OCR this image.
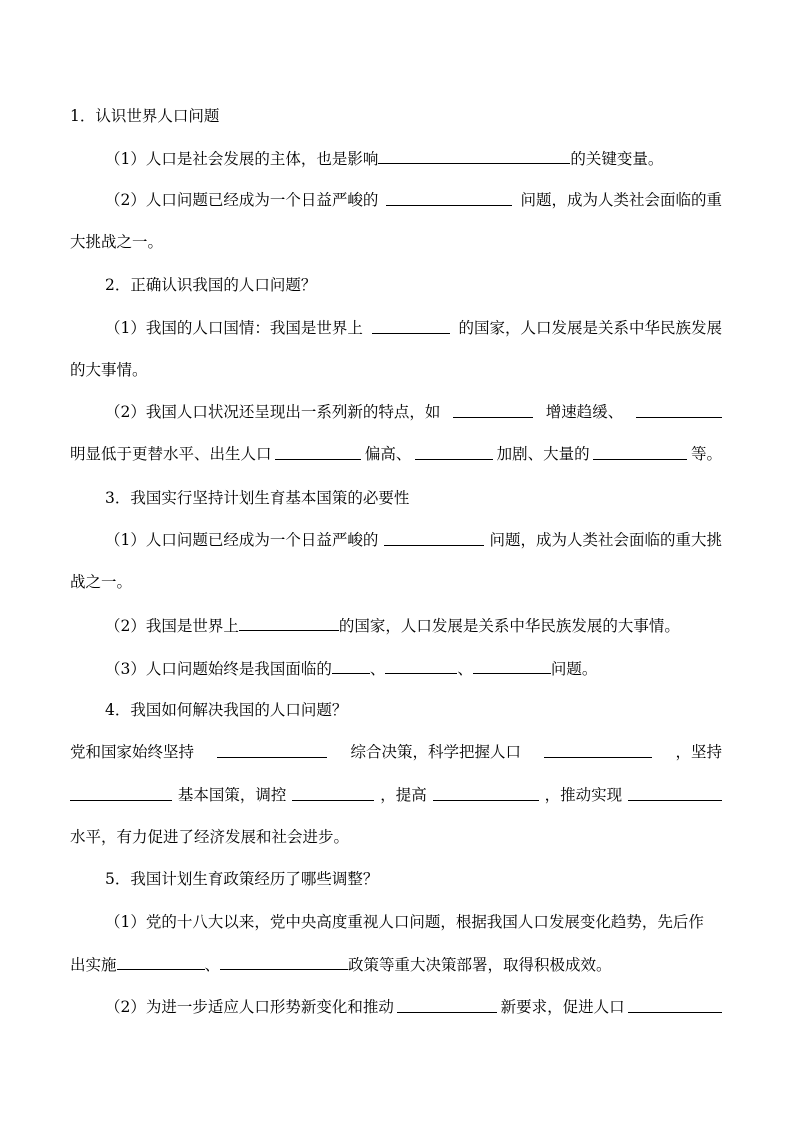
1．认识世界人口问题
（1）人口是社会发展的主体，也是影响	的关键变量。
（2）人口问题已经成为一个日益严峻的	问题，成为人类社会面临的重
大挑战之一。
2．正确认识我国的人口问题？
（1）我国的人口国情：我国是世界上	的国家，人口发展是关系中华民族发展
的大事情。
（2）我国人口状况还呈现出一系列新的特点，如	增速趋缓、
明显低于更替水平、出生人口	偏高、	加剧、大量的	等。
3．我国实行坚持计划生育基本国策的必要性
（1）人口问题已经成为一个日益严峻的	问题，成为人类社会面临的重大挑
战之一。
（2）我国是世界上	的国家，人口发展是关系中华民族发展的大事情。
（3）人口问题始终是我国面临的 、	、	问题。
4．我国如何解决我国的人口问题？
党和国家始终坚持	综合决策，科学把握人口	，坚持
基本国策，调控	，提高	，推动实现
水平，有力促进了经济发展和社会进步。
5．我国计划生育政策经历了哪些调整？
（1）党的十八大以来，党中央高度重视人口问题，根据我国人口发展变化趋势，先后作
出实施	、	政策等重大决策部署，取得积极成效。
（2）为进一步适应人口形势新变化和推动	新要求，促进人口
